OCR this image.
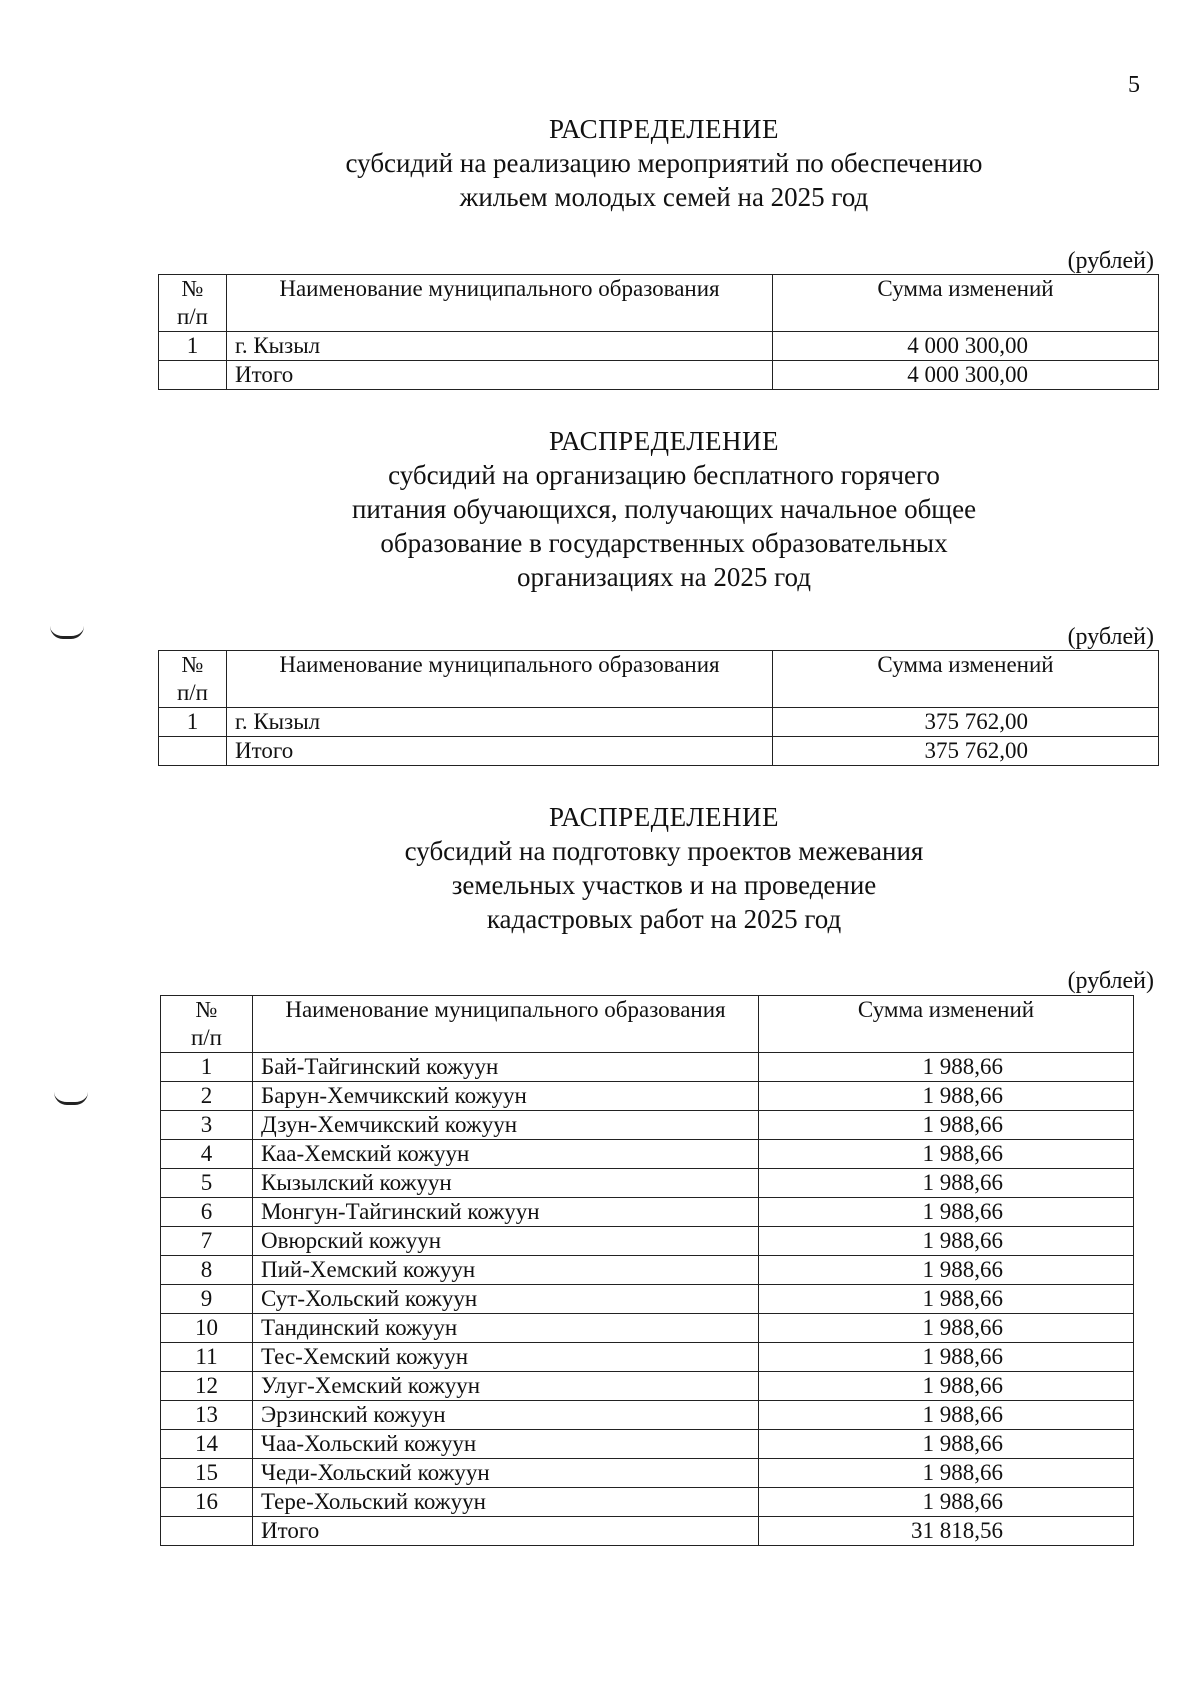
5
РАСПРЕДЕЛЕНИЕ
субсидий на реализацию мероприятий по обеспечению
жильем молодых семей на 2025 год
(рублей)
№
п/п	Наименование муниципального образования	Сумма изменений
1	г. Кызыл	4 000 300,00
	Итого	4 000 300,00
РАСПРЕДЕЛЕНИЕ
субсидий на организацию бесплатного горячего
питания обучающихся, получающих начальное общее
образование в государственных образовательных
организациях на 2025 год
(рублей)
№
п/п	Наименование муниципального образования	Сумма изменений
1	г. Кызыл	375 762,00
	Итого	375 762,00
РАСПРЕДЕЛЕНИЕ
субсидий на подготовку проектов межевания
земельных участков и на проведение
кадастровых работ на 2025 год
(рублей)
№
п/п	Наименование муниципального образования	Сумма изменений
1	Бай-Тайгинский кожуун	1 988,66
2	Барун-Хемчикский кожуун	1 988,66
3	Дзун-Хемчикский кожуун	1 988,66
4	Каа-Хемский кожуун	1 988,66
5	Кызылский кожуун	1 988,66
6	Монгун-Тайгинский кожуун	1 988,66
7	Овюрский кожуун	1 988,66
8	Пий-Хемский кожуун	1 988,66
9	Сут-Хольский кожуун	1 988,66
10	Тандинский кожуун	1 988,66
11	Тес-Хемский кожуун	1 988,66
12	Улуг-Хемский кожуун	1 988,66
13	Эрзинский кожуун	1 988,66
14	Чаа-Хольский кожуун	1 988,66
15	Чеди-Хольский кожуун	1 988,66
16	Тере-Хольский кожуун	1 988,66
	Итого	31 818,56
